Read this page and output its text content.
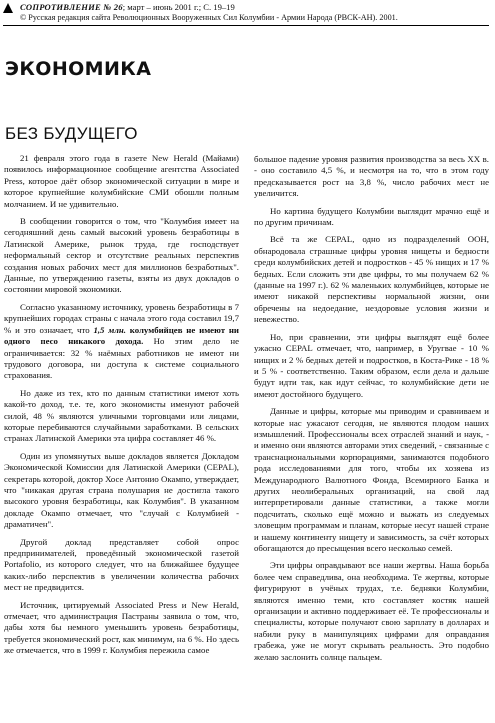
СОПРОТИВЛЕНИЕ № 26; март – июнь 2001 г.; С. 19–19
© Русская редакция сайта Революционных Вооруженных Сил Колумбии - Армии Народа (РВСК-АН). 2001.
ЭКОНОМИКА
БЕЗ БУДУЩЕГО

21 февраля этого года в газете New Herald (Майами) появилось информационное сообщение агентства Associated Press, которое даёт обзор экономической ситуации в мире и которое крупнейшие колумбийские СМИ обошли полным молчанием. И не удивительно.

В сообщении говорится о том, что "Колумбия имеет на сегодняшний день самый высокий уровень безработицы в Латинской Америке, рынок труда, где господствует неформальный сектор и отсутствие реальных перспектив создания новых рабочих мест для миллионов безработных". Данные, по утверждению газеты, взяты из двух докладов о состоянии мировой экономики.

Согласно указанному источнику, уровень безработицы в 7 крупнейших городах страны с начала этого года составил 19,7 % и это означает, что 1,5 млн. колумбийцев не имеют ни одного песо никакого дохода. Но этим дело не ограничивается: 32 % наёмных работников не имеют ни трудового договора, ни доступа к системе социального страхования.

Но даже из тех, кто по данным статистики имеют хоть какой-то доход, т.е. те, кого экономисты именуют рабочей силой, 48 % являются уличными торговцами или лицами, которые перебиваются случайными заработками. В сельских странах Латинской Америки эта цифра составляет 46 %.

Один из упомянутых выше докладов является Докладом Экономической Комиссии для Латинской Америки (CEPAL), секретарь которой, доктор Хосе Антонио Окампо, утверждает, что "никакая другая страна полушария не достигла такого высокого уровня безработицы, как Колумбия". В указанном докладе Окампо отмечает, что "случай с Колумбией - драматичен".

Другой доклад представляет собой опрос предпринимателей, проведённый экономической газетой Portafolio, из которого следует, что на ближайшее будущее каких-либо перспектив в увеличении количества рабочих мест не предвидится.

Источник, цитируемый Associated Press и New Herald, отмечает, что администрация Пастраны заявила о том, что, дабы хотя бы немного уменьшить уровень безработицы, требуется экономический рост, как минимум, на 6 %. Но здесь же отмечается, что в 1999 г. Колумбия пережила самое

большое падение уровня развития производства за весь XX в. - оно составило 4,5 %, и несмотря на то, что в этом году предсказывается рост на 3,8 %, число рабочих мест не увеличится.

Но картина будущего Колумбии выглядит мрачно ещё и по другим причинам.

Всё та же CEPAL, одно из подразделений ООН, обнародовала страшные цифры уровня нищеты и бедности среди колумбийских детей и подростков - 45 % нищих и 17 % бедных. Если сложить эти две цифры, то мы получаем 62 % (данные на 1997 г.). 62 % маленьких колумбийцев, которые не имеют никакой перспективы нормальной жизни, они обречены на недоедание, нездоровые условия жизни и невежество.

Но, при сравнении, эти цифры выглядят ещё более ужасно CEPAL отмечает, что, например, в Уругвае - 10 % нищих и 2 % бедных детей и подростков, в Коста-Рике - 18 % и 5 % - соответственно. Таким образом, если дела и дальше будут идти так, как идут сейчас, то колумбийские дети не имеют достойного будущего.

Данные и цифры, которые мы приводим и сравниваем и которые нас ужасают сегодня, не являются плодом наших измышлений. Профессионалы всех отраслей знаний и наук, - и именно они являются авторами этих сведений, - связанные с транснациональными корпорациями, занимаются подобного рода исследованиями для того, чтобы их хозяева из Международного Валютного Фонда, Всемирного Банка и других неолиберальных организаций, на свой лад интерпретировали данные статистики, а также могли подсчитать, сколько ещё можно и выжать из следуемых зловещим программам и планам, которые несут нашей стране и нашему континенту нищету и зависимость, за счёт которых обогащаются до пресыщения всего несколько семей.

Эти цифры оправдывают все наши жертвы. Наша борьба более чем справедлива, она необходима. Те жертвы, которые фигурируют в учёных трудах, т.е. бедняки Колумбии, являются именно теми, кто составляет костяк нашей организации и активно поддерживает её. Те профессионалы и специалисты, которые получают свою зарплату в долларах и набили руку в манипуляциях цифрами для оправдания грабежа, уже не могут скрывать реальность. Это подобно желаю заслонить солнце пальцем.
